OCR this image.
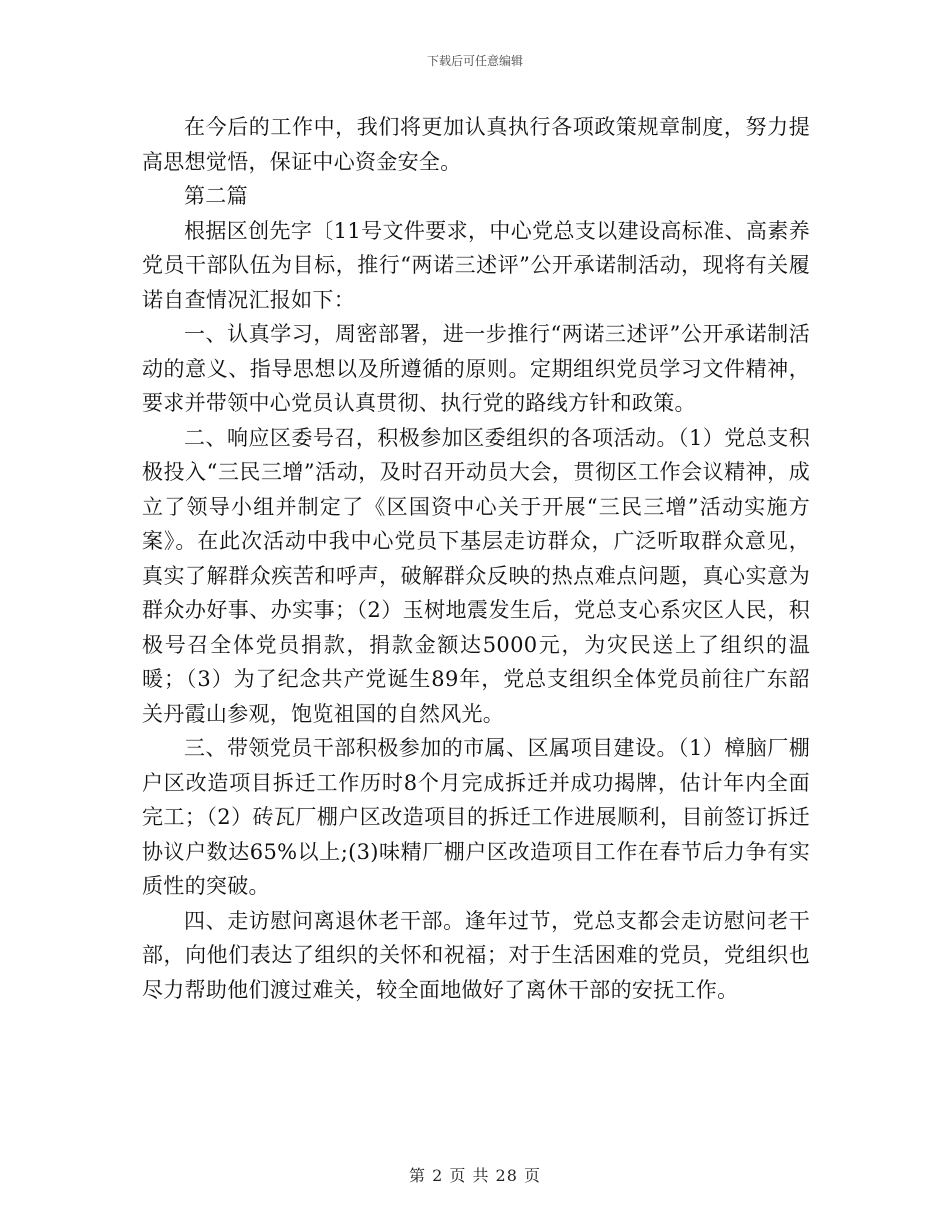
下载后可任意编辑

在今后的工作中，我们将更加认真执行各项政策规章制度，努力提高思想觉悟，保证中心资金安全。

第二篇

根据区创先字〔11号文件要求，中心党总支以建设高标准、高素养党员干部队伍为目标，推行“两诺三述评”公开承诺制活动，现将有关履诺自查情况汇报如下：

一、认真学习，周密部署，进一步推行“两诺三述评”公开承诺制活动的意义、指导思想以及所遵循的原则。定期组织党员学习文件精神，要求并带领中心党员认真贯彻、执行党的路线方针和政策。

二、响应区委号召，积极参加区委组织的各项活动。（1）党总支积极投入“三民三增”活动，及时召开动员大会，贯彻区工作会议精神，成立了领导小组并制定了《区国资中心关于开展“三民三增”活动实施方案》。在此次活动中我中心党员下基层走访群众，广泛听取群众意见，真实了解群众疾苦和呼声，破解群众反映的热点难点问题，真心实意为群众办好事、办实事；（2）玉树地震发生后，党总支心系灾区人民，积极号召全体党员捐款，捐款金额达5000元，为灾民送上了组织的温暖；（3）为了纪念共产党诞生89年，党总支组织全体党员前往广东韶关丹霞山参观，饱览祖国的自然风光。

三、带领党员干部积极参加的市属、区属项目建设。（1）樟脑厂棚户区改造项目拆迁工作历时8个月完成拆迁并成功揭牌，估计年内全面完工；（2）砖瓦厂棚户区改造项目的拆迁工作进展顺利，目前签订拆迁协议户数达65%以上;(3)味精厂棚户区改造项目工作在春节后力争有实质性的突破。

四、走访慰问离退休老干部。逢年过节，党总支都会走访慰问老干部，向他们表达了组织的关怀和祝福；对于生活困难的党员，党组织也尽力帮助他们渡过难关，较全面地做好了离休干部的安抚工作。

第 2 页 共 28 页
